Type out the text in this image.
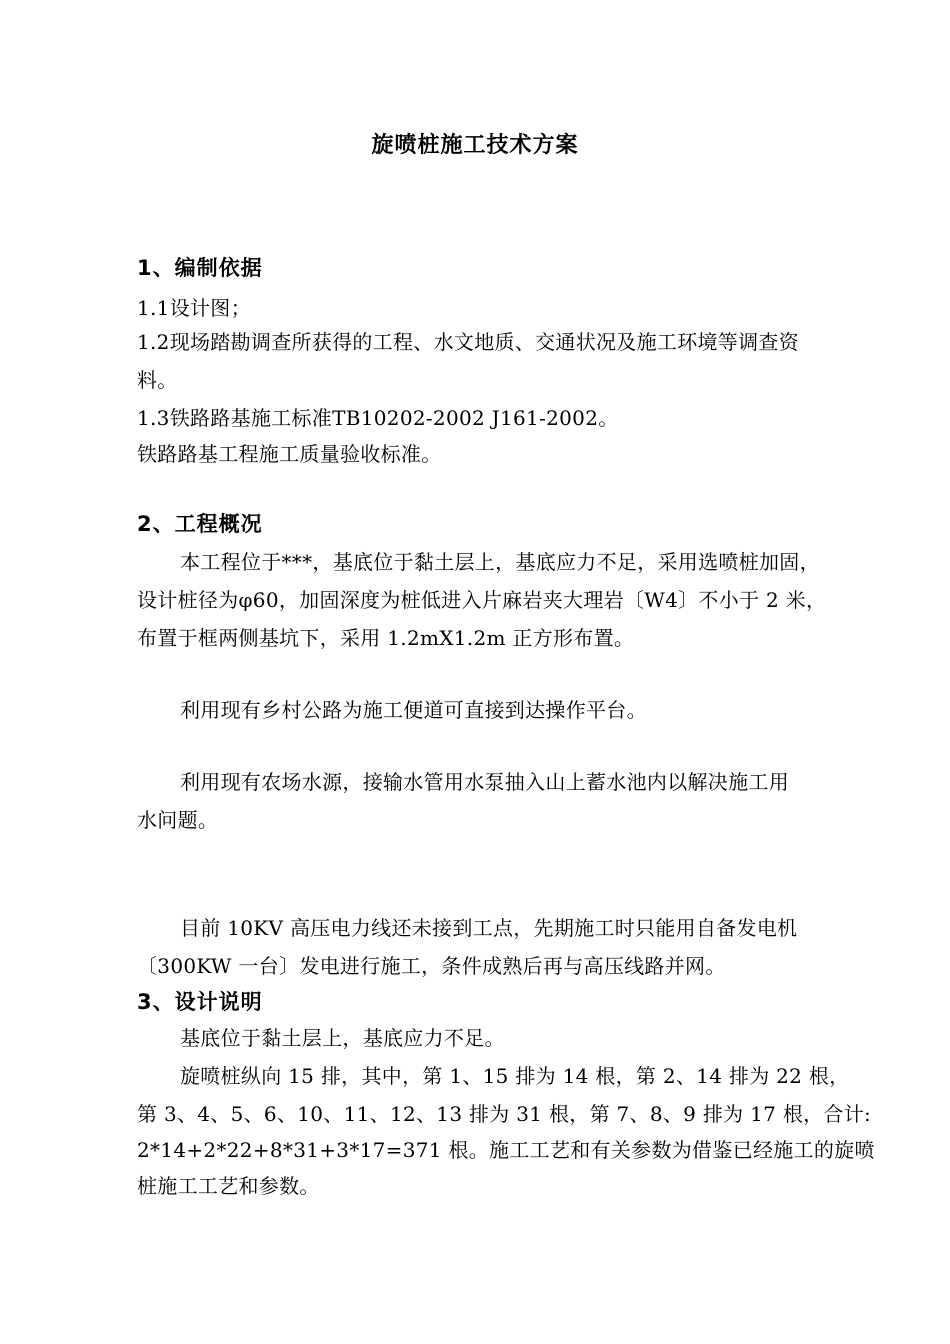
旋喷桩施工技术方案
1、编制依据
1.1设计图；
1.2现场踏勘调查所获得的工程、水文地质、交通状况及施工环境等调查资
料。
1.3铁路路基施工标准TB10202-2002 J161-2002。
铁路路基工程施工质量验收标准。
2、工程概况
本工程位于***，基底位于黏土层上，基底应力不足，采用选喷桩加固，
设计桩径为φ60，加固深度为桩低进入片麻岩夹大理岩〔W4〕不小于 2 米，
布置于框两侧基坑下，采用 1.2mX1.2m 正方形布置。
利用现有乡村公路为施工便道可直接到达操作平台。
利用现有农场水源，接输水管用水泵抽入山上蓄水池内以解决施工用
水问题。
目前 10KV 高压电力线还未接到工点，先期施工时只能用自备发电机
〔300KW 一台〕发电进行施工，条件成熟后再与高压线路并网。
3、设计说明
基底位于黏土层上，基底应力不足。
旋喷桩纵向 15 排，其中，第 1、15 排为 14 根，第 2、14 排为 22 根，
第 3、4、5、6、10、11、12、13 排为 31 根，第 7、8、9 排为 17 根，合计:
2*14+2*22+8*31+3*17=371 根。施工工艺和有关参数为借鉴已经施工的旋喷
桩施工工艺和参数。
